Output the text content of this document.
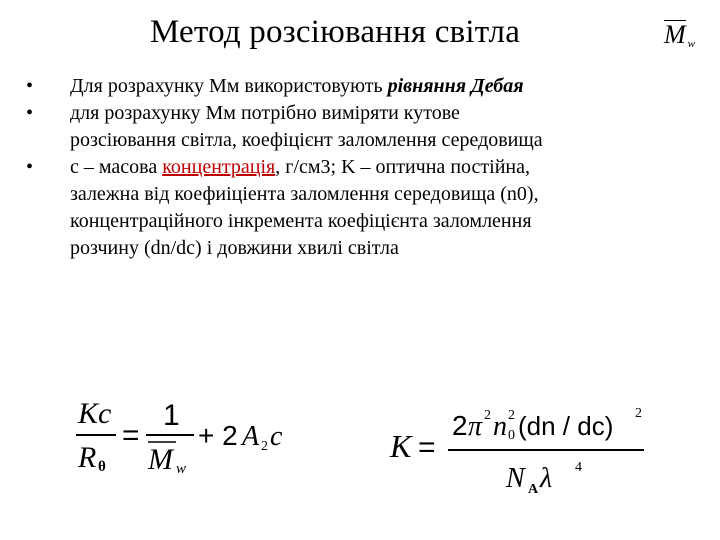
Метод розсіювання світла	M $_w$
• Для розрахунку Мм використовують рівняння Дебая
• для розрахунку Мм потрібно виміряти кутове
розсіювання світла, коефіцієнт заломлення середовища
• c – масова концентрація, г/см3; K – оптична постійна,
залежна від коефиіціента заломлення середовища (n0),
концентраційного інкремента коефіцієнта заломлення
розчину (dn/dc) і довжини хвилі світла
Kc
R θ
=
1
M w
+ 2 A 2 c	K =
2 π 2 n 2
0 (dn / dc) 2
N A λ 4
